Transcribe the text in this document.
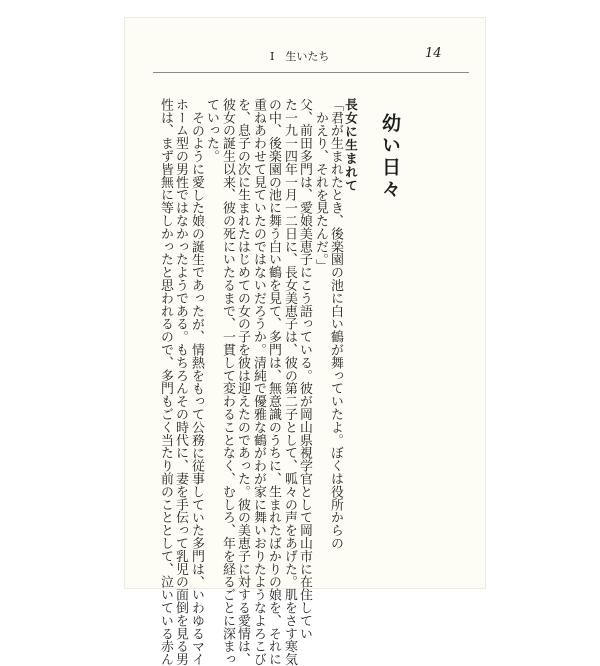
Ⅰ　生いたち	14
幼い日々
長女に生まれて
「君が生まれたとき、後楽園の池に白い鶴が舞っていたよ。ぼくは役所からの
かえり、それを見たんだ。」
父、前田多門は、愛娘美恵子にこう語っている。彼が岡山県視学官として岡山市に在住してい
た一九一四年一月一二日に、長女美恵子は、彼の第二子として、呱々の声をあげた。肌をさす寒気
の中、後楽園の池に舞う白い鶴を見て、多門は、無意識のうちに、生まれたばかりの娘を、それに
重ねあわせて見ていたのではないだろうか。清純で優雅な鶴がわが家に舞いおりたようなよろこび
を、息子の次に生まれたはじめての女の子を彼は迎えたのであった。彼の美恵子に対する愛情は、
彼女の誕生以来、彼の死にいたるまで、一貫して変わることなく、むしろ、年を経るごとに深まっ
ていった。
そのように愛した娘の誕生であったが、情熱をもって公務に従事していた多門は、いわゆるマイ
ホーム型の男性ではなかったようである。もちろんその時代に、妻を手伝って乳児の面倒を見る男
性は、まず皆無に等しかったと思われるので、多門もごく当たり前のこととして、泣いている赤ん
